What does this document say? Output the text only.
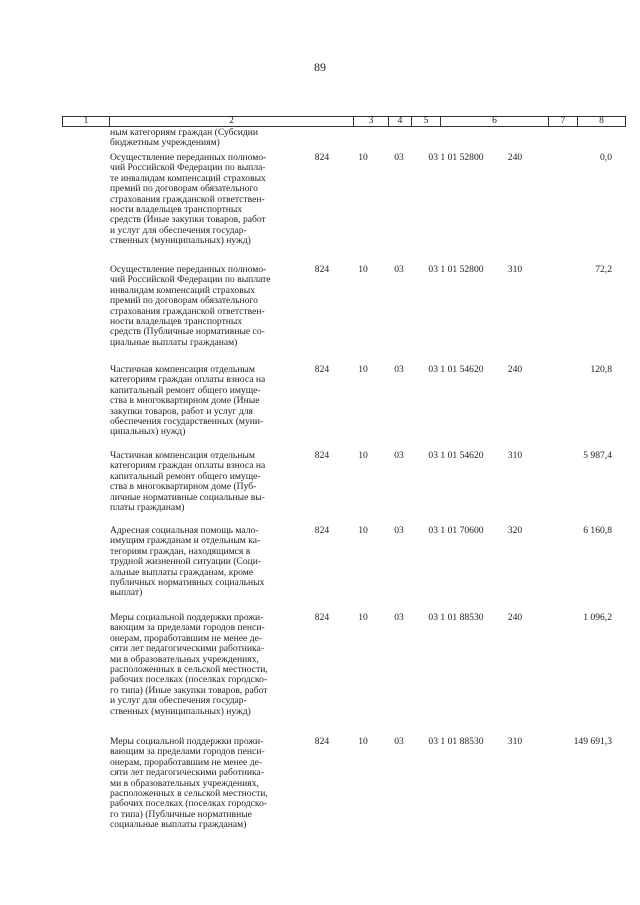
89
1	2	3	4	5	6	7	8
ным категориям граждан (Субсидии
бюджетным учреждениям)
Осуществление переданных полномо-
чий Российской Федерации по выпла-
те инвалидам компенсаций страховых
премий по договорам обязательного
страхования гражданской ответствен-
ности владельцев транспортных
средств (Иные закупки товаров, работ
и услуг для обеспечения государ-
ственных (муниципальных) нужд)
824	10	03	03 1 01 52800	240	0,0
Осуществление переданных полномо-
чий Российской Федерации по выплате
инвалидам компенсаций страховых
премий по договорам обязательного
страхования гражданской ответствен-
ности владельцев транспортных
средств (Публичные нормативные со-
циальные выплаты гражданам)
824	10	03	03 1 01 52800	310	72,2
Частичная компенсация отдельным
категориям граждан оплаты взноса на
капитальный ремонт общего имуще-
ства в многоквартирном доме (Иные
закупки товаров, работ и услуг для
обеспечения государственных (муни-
ципальных) нужд)
824	10	03	03 1 01 54620	240	120,8
Частичная компенсация отдельным
категориям граждан оплаты взноса на
капитальный ремонт общего имуще-
ства в многоквартирном доме (Пуб-
личные нормативные социальные вы-
платы гражданам)
824	10	03	03 1 01 54620	310	5 987,4
Адресная социальная помощь мало-
имущим гражданам и отдельным ка-
тегориям граждан, находящимся в
трудной жизненной ситуации (Соци-
альные выплаты гражданам, кроме
публичных нормативных социальных
выплат)
824	10	03	03 1 01 70600	320	6 160,8
Меры социальной поддержки прожи-
вающим за пределами городов пенси-
онерам, проработавшим не менее де-
сяти лет педагогическими работника-
ми в образовательных учреждениях,
расположенных в сельской местности,
рабочих поселках (поселках городско-
го типа) (Иные закупки товаров, работ
и услуг для обеспечения государ-
ственных (муниципальных) нужд)
824	10	03	03 1 01 88530	240	1 096,2
Меры социальной поддержки прожи-
вающим за пределами городов пенси-
онерам, проработавшим не менее де-
сяти лет педагогическими работника-
ми в образовательных учреждениях,
расположенных в сельской местности,
рабочих поселках (поселках городско-
го типа) (Публичные нормативные
социальные выплаты гражданам)
824	10	03	03 1 01 88530	310	149 691,3
